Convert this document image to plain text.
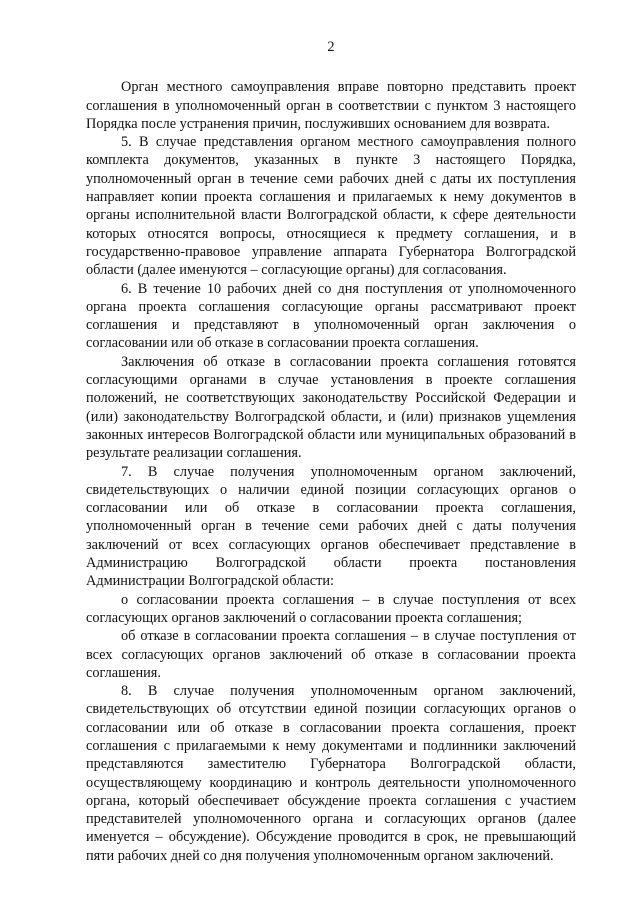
2

Орган местного самоуправления вправе повторно представить проект соглашения в уполномоченный орган в соответствии с пунктом 3 настоящего Порядка после устранения причин, послуживших основанием для возврата.

5. В случае представления органом местного самоуправления полного комплекта документов, указанных в пункте 3 настоящего Порядка, уполномоченный орган в течение семи рабочих дней с даты их поступления направляет копии проекта соглашения и прилагаемых к нему документов в органы исполнительной власти Волгоградской области, к сфере деятельности которых относятся вопросы, относящиеся к предмету соглашения, и в государственно-правовое управление аппарата Губернатора Волгоградской области (далее именуются – согласующие органы) для согласования.

6. В течение 10 рабочих дней со дня поступления от уполномоченного органа проекта соглашения согласующие органы рассматривают проект соглашения и представляют в уполномоченный орган заключения о согласовании или об отказе в согласовании проекта соглашения.

Заключения об отказе в согласовании проекта соглашения готовятся согласующими органами в случае установления в проекте соглашения положений, не соответствующих законодательству Российской Федерации и (или) законодательству Волгоградской области, и (или) признаков ущемления законных интересов Волгоградской области или муниципальных образований в результате реализации соглашения.

7. В случае получения уполномоченным органом заключений, свидетельствующих о наличии единой позиции согласующих органов о согласовании или об отказе в согласовании проекта соглашения, уполномоченный орган в течение семи рабочих дней с даты получения заключений от всех согласующих органов обеспечивает представление в Администрацию Волгоградской области проекта постановления Администрации Волгоградской области:

о согласовании проекта соглашения – в случае поступления от всех согласующих органов заключений о согласовании проекта соглашения;

об отказе в согласовании проекта соглашения – в случае поступления от всех согласующих органов заключений об отказе в согласовании проекта соглашения.

8. В случае получения уполномоченным органом заключений, свидетельствующих об отсутствии единой позиции согласующих органов о согласовании или об отказе в согласовании проекта соглашения, проект соглашения с прилагаемыми к нему документами и подлинники заключений представляются заместителю Губернатора Волгоградской области, осуществляющему координацию и контроль деятельности уполномоченного органа, который обеспечивает обсуждение проекта соглашения с участием представителей уполномоченного органа и согласующих органов (далее именуется – обсуждение). Обсуждение проводится в срок, не превышающий пяти рабочих дней со дня получения уполномоченным органом заключений.
